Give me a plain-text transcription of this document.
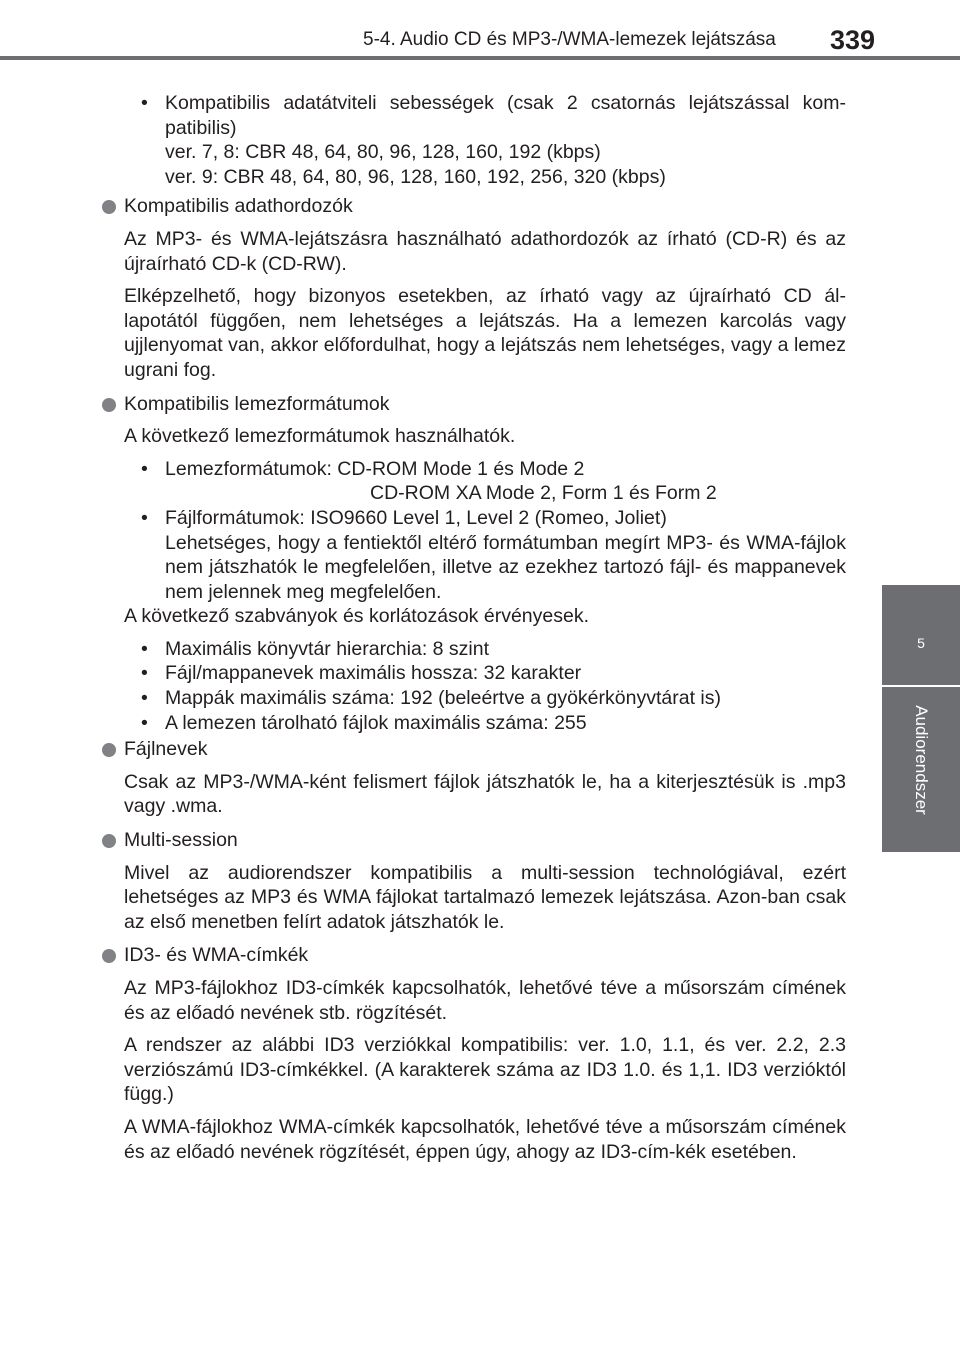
5-4. Audio CD és MP3-/WMA-lemezek lejátszása 339
5
Audiorendszer
• Kompatibilis adatátviteli sebességek (csak 2 csatornás lejátszással kom-patibilis)
ver. 7, 8: CBR 48, 64, 80, 96, 128, 160, 192 (kbps)
ver. 9: CBR 48, 64, 80, 96, 128, 160, 192, 256, 320 (kbps)
Kompatibilis adathordozók
Az MP3- és WMA-lejátszásra használható adathordozók az írható (CD-R) és az újraírható CD-k (CD-RW).
Elképzelhető, hogy bizonyos esetekben, az írható vagy az újraírható CD ál-lapotától függően, nem lehetséges a lejátszás. Ha a lemezen karcolás vagy ujjlenyomat van, akkor előfordulhat, hogy a lejátszás nem lehetséges, vagy a lemez ugrani fog.
Kompatibilis lemezformátumok
A következő lemezformátumok használhatók.
• Lemezformátumok: CD-ROM Mode 1 és Mode 2
CD-ROM XA Mode 2, Form 1 és Form 2
• Fájlformátumok: ISO9660 Level 1, Level 2 (Romeo, Joliet)
Lehetséges, hogy a fentiektől eltérő formátumban megírt MP3- és WMA-fájlok nem játszhatók le megfelelően, illetve az ezekhez tartozó fájl- és mappanevek nem jelennek meg megfelelően.
A következő szabványok és korlátozások érvényesek.
• Maximális könyvtár hierarchia: 8 szint
• Fájl/mappanevek maximális hossza: 32 karakter
• Mappák maximális száma: 192 (beleértve a gyökérkönyvtárat is)
• A lemezen tárolható fájlok maximális száma: 255
Fájlnevek
Csak az MP3-/WMA-ként felismert fájlok játszhatók le, ha a kiterjesztésük is .mp3 vagy .wma.
Multi-session
Mivel az audiorendszer kompatibilis a multi-session technológiával, ezért lehetséges az MP3 és WMA fájlokat tartalmazó lemezek lejátszása. Azon-ban csak az első menetben felírt adatok játszhatók le.
ID3- és WMA-címkék
Az MP3-fájlokhoz ID3-címkék kapcsolhatók, lehetővé téve a műsorszám címének és az előadó nevének stb. rögzítését.
A rendszer az alábbi ID3 verziókkal kompatibilis: ver. 1.0, 1.1, és ver. 2.2, 2.3 verziószámú ID3-címkékkel. (A karakterek száma az ID3 1.0. és 1,1. ID3 verzióktól függ.)
A WMA-fájlokhoz WMA-címkék kapcsolhatók, lehetővé téve a műsorszám címének és az előadó nevének rögzítését, éppen úgy, ahogy az ID3-cím-kék esetében.
